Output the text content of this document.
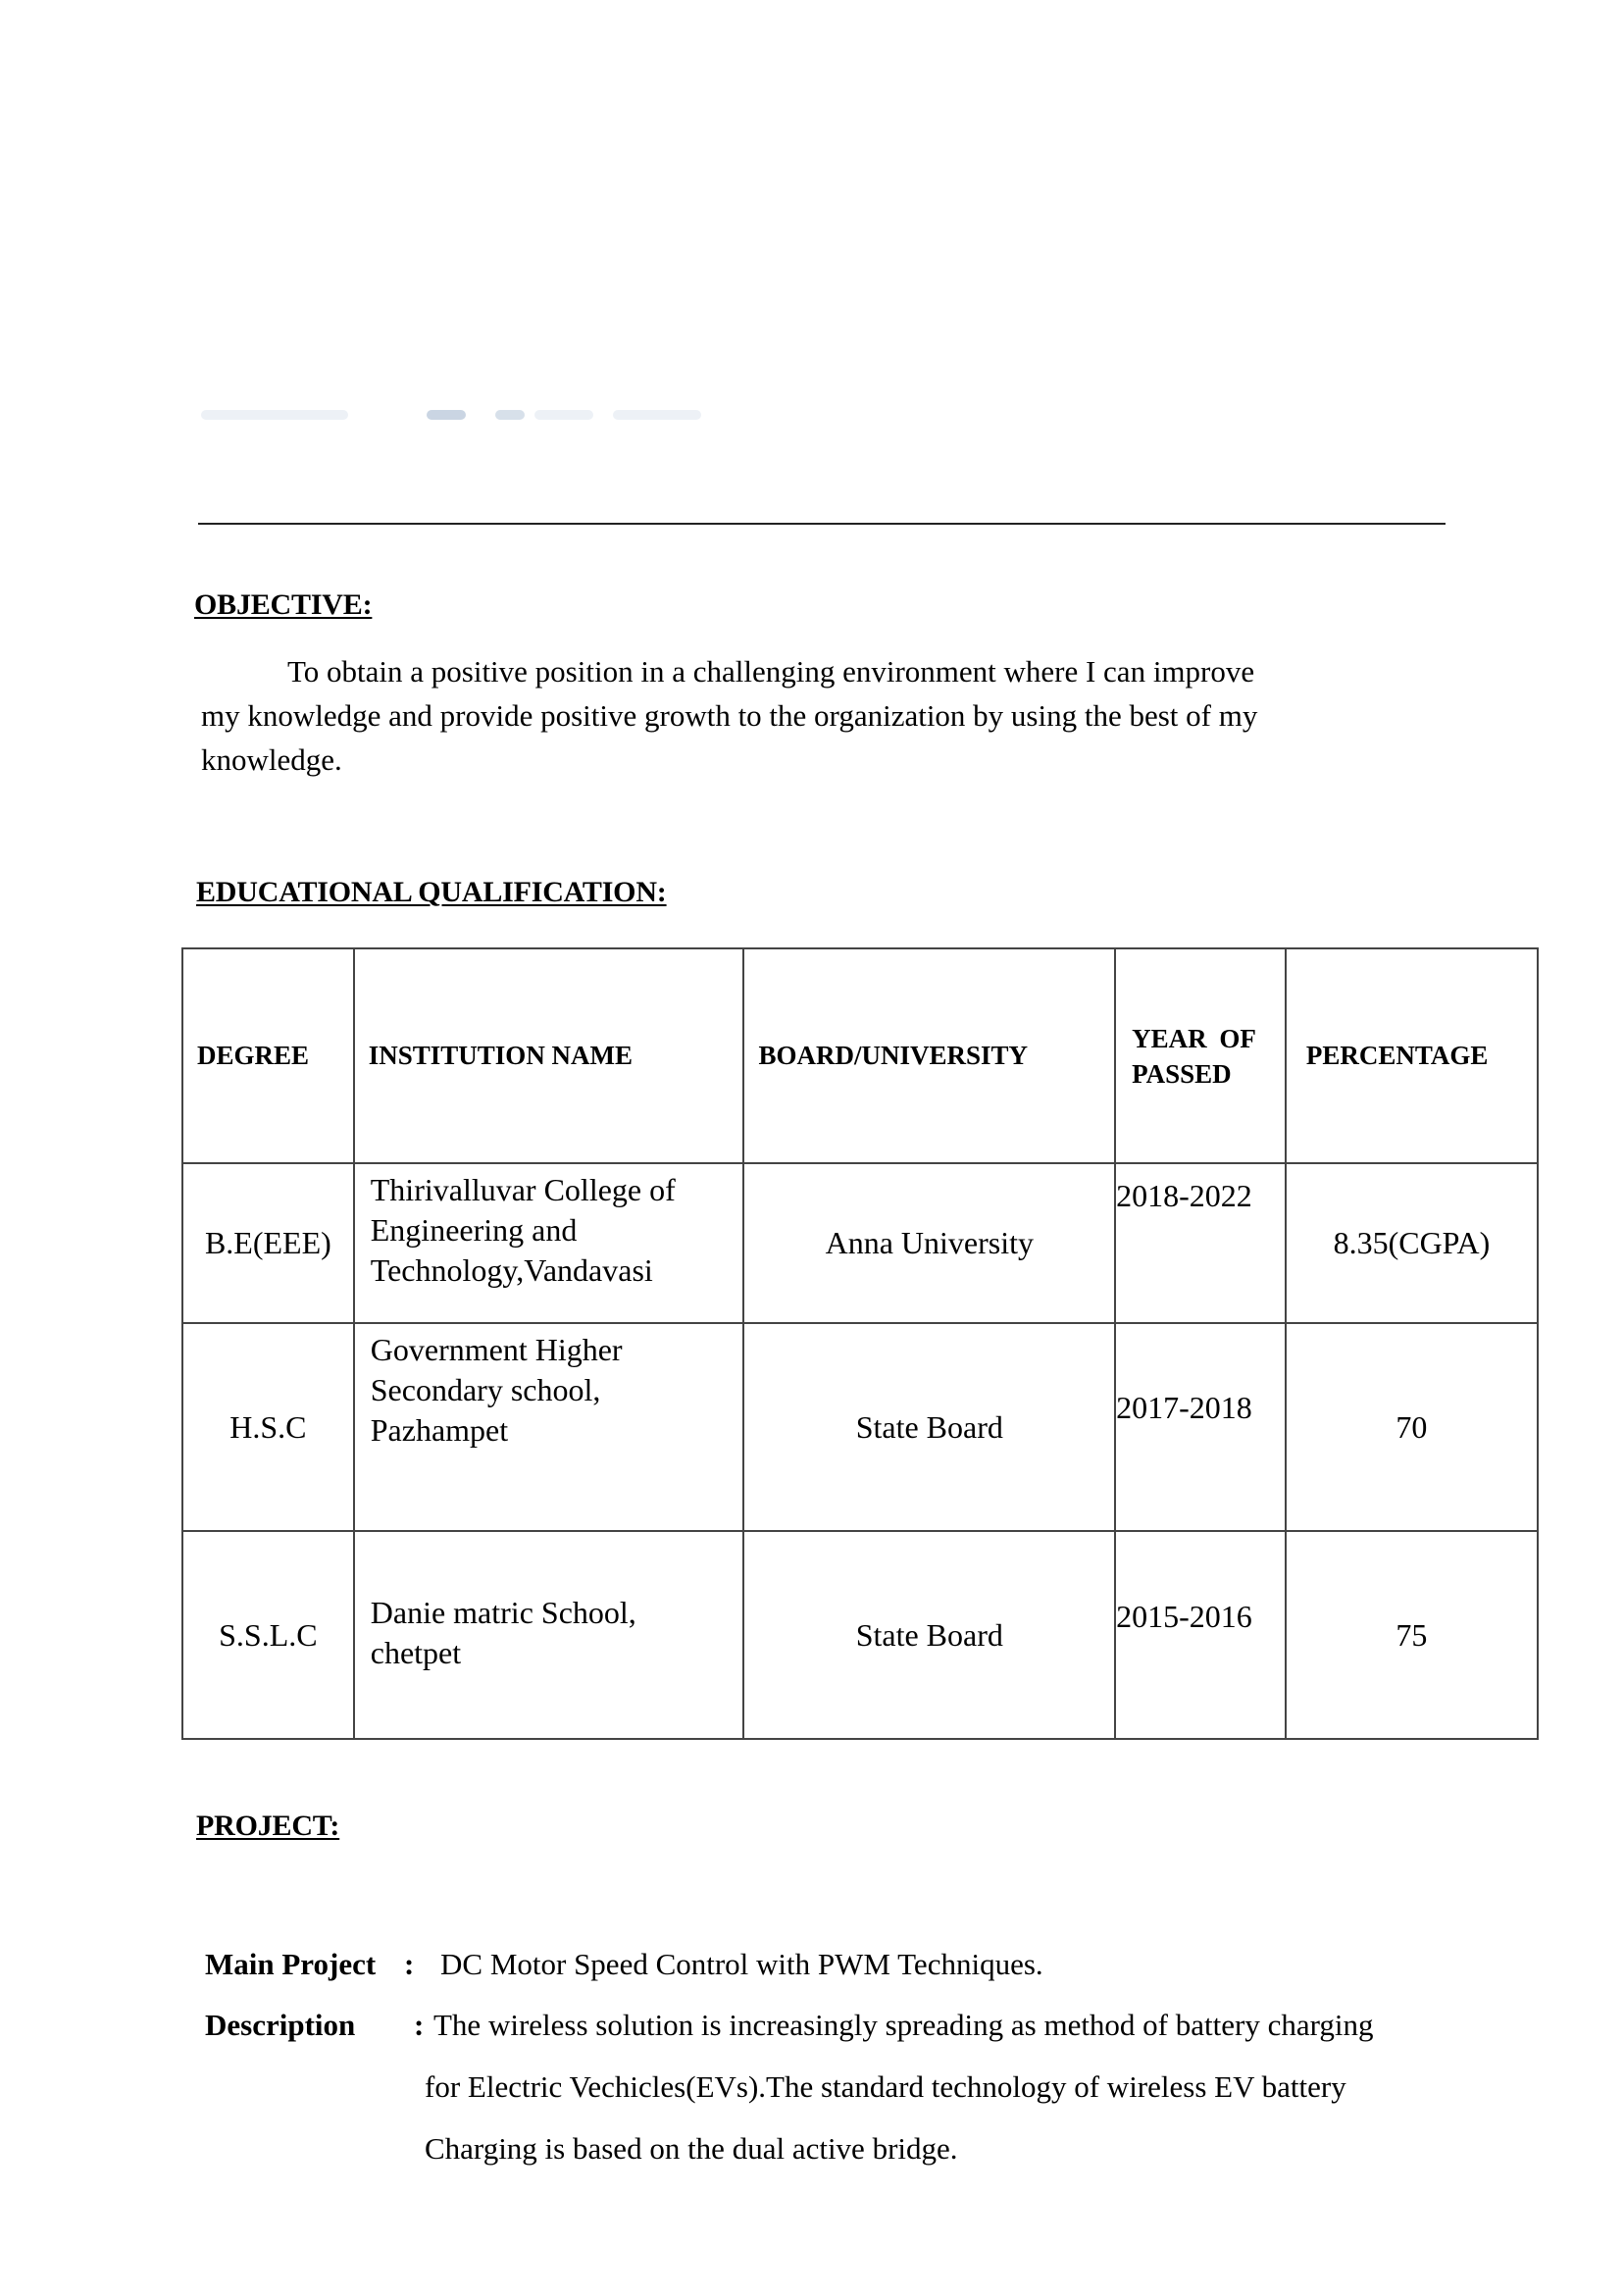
OBJECTIVE:
To obtain a positive position in a challenging environment where I can improve
my knowledge and provide positive growth to the organization by using the best of my
knowledge.
EDUCATIONAL QUALIFICATION:
DEGREE	INSTITUTION NAME	BOARD/UNIVERSITY	YEAR OF PASSED	PERCENTAGE
B.E(EEE)	Thirivalluvar College of
Engineering and
Technology,Vandavasi	Anna University	2018-2022	8.35(CGPA)
H.S.C	Government Higher
Secondary school,
Pazhampet	State Board	2017-2018	70
S.S.L.C	Danie matric School,
chetpet	State Board	2015-2016	75
PROJECT:
Main Project : DC Motor Speed Control with PWM Techniques.
Description : The wireless solution is increasingly spreading as method of battery charging
for Electric Vechicles(EVs).The standard technology of wireless EV battery
Charging is based on the dual active bridge.
